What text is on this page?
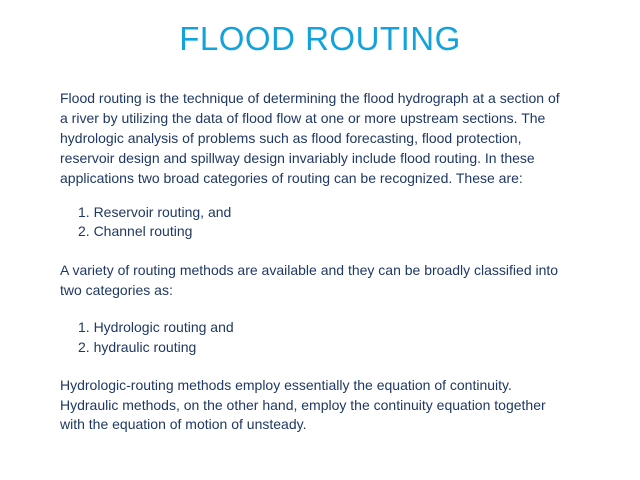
FLOOD ROUTING
Flood routing is the technique of determining the flood hydrograph at a section of
a river by utilizing the data of flood flow at one or more upstream sections. The
hydrologic analysis of problems such as flood forecasting, flood protection,
reservoir design and spillway design invariably include flood routing. In these
applications two broad categories of routing can be recognized. These are:
1. Reservoir routing, and
2. Channel routing
A variety of routing methods are available and they can be broadly classified into
two categories as:
1. Hydrologic routing and
2. hydraulic routing
Hydrologic-routing methods employ essentially the equation of continuity.
Hydraulic methods, on the other hand, employ the continuity equation together
with the equation of motion of unsteady.
